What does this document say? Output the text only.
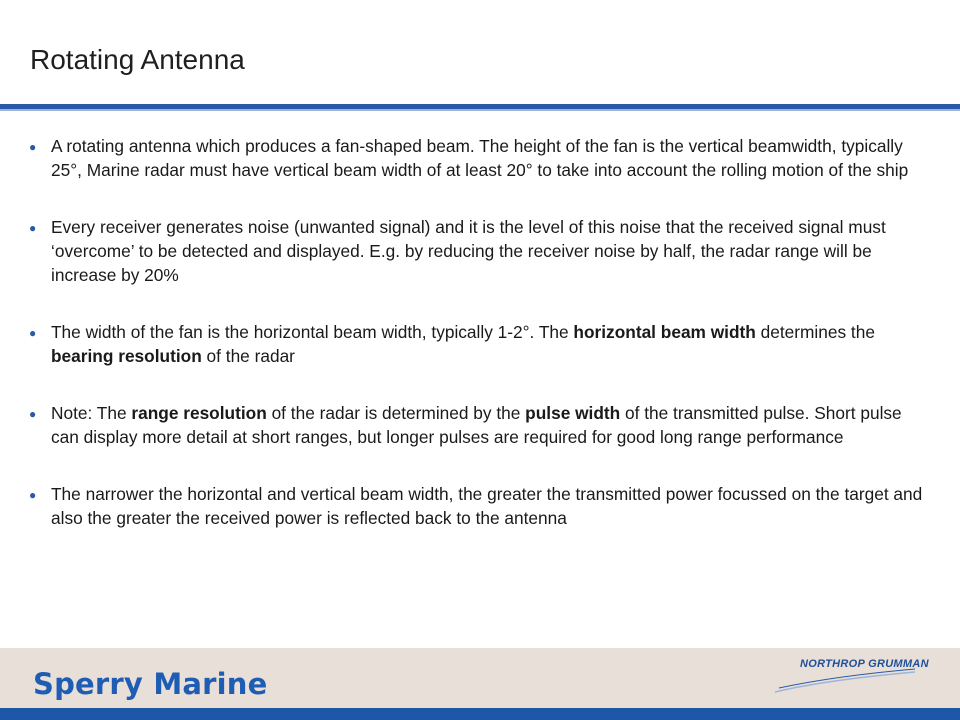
Rotating Antenna
● A rotating antenna which produces a fan-shaped beam. The height of the fan is the vertical beamwidth, typically 25°, Marine radar must have vertical beam width of at least 20° to take into account the rolling motion of the ship
● Every receiver generates noise (unwanted signal) and it is the level of this noise that the received signal must ‘overcome’ to be detected and displayed. E.g. by reducing the receiver noise by half, the radar range will be increase by 20%
● The width of the fan is the horizontal beam width, typically 1-2°. The horizontal beam width determines the bearing resolution of the radar
● Note: The range resolution of the radar is determined by the pulse width of the transmitted pulse. Short pulse can display more detail at short ranges, but longer pulses are required for good long range performance
● The narrower the horizontal and vertical beam width, the greater the transmitted power focussed on the target and also the greater the received power is reflected back to the antenna
Sperry Marine
NORTHROP GRUMMAN
